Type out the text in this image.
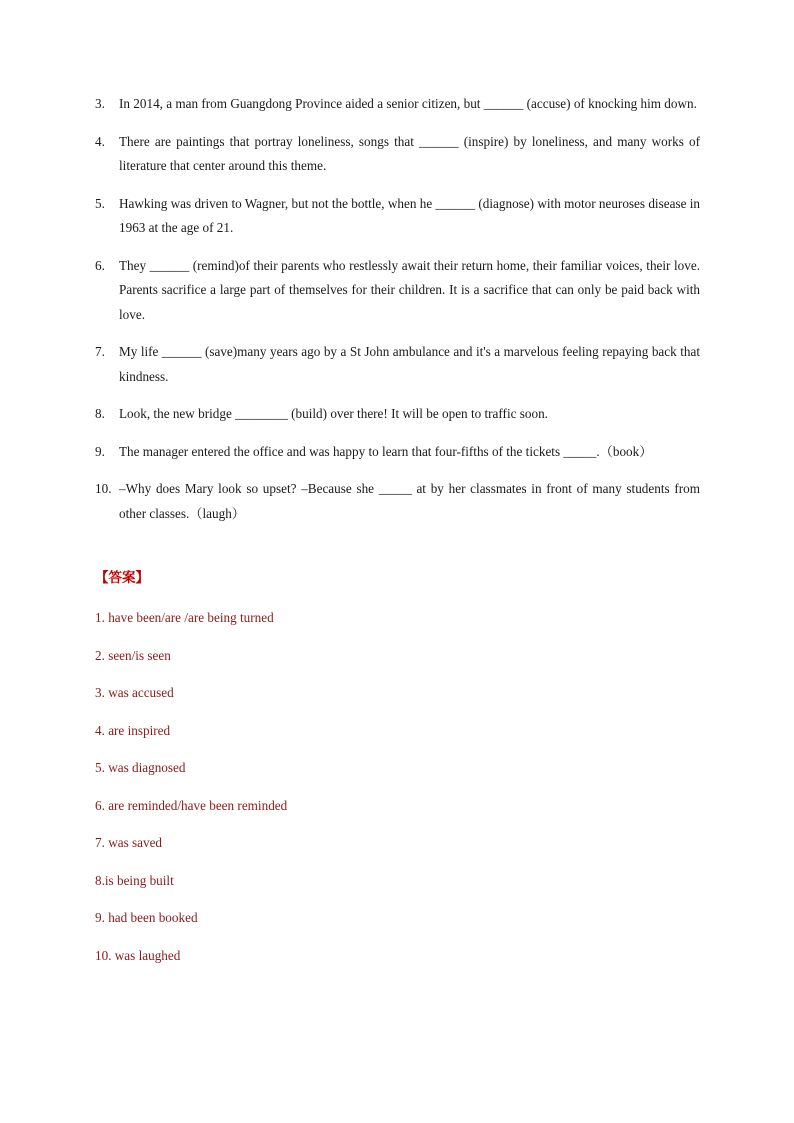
3.	In 2014, a man from Guangdong Province aided a senior citizen, but ______ (accuse) of knocking him down.
4.	There are paintings that portray loneliness, songs that ______ (inspire) by loneliness, and many works of literature that center around this theme.
5.	Hawking was driven to Wagner, but not the bottle, when he ______ (diagnose) with motor neuroses disease in 1963 at the age of 21.
6.	They ______ (remind)of their parents who restlessly await their return home, their familiar voices, their love. Parents sacrifice a large part of themselves for their children. It is a sacrifice that can only be paid back with love.
7.	My life ______ (save)many years ago by a St John ambulance and it's a marvelous feeling repaying back that kindness.
8.	Look, the new bridge ________ (build) over there! It will be open to traffic soon.
9.	The manager entered the office and was happy to learn that four-fifths of the tickets _____.（book）
10. –Why does Mary look so upset? –Because she _____ at by her classmates in front of many students from other classes.（laugh）
【答案】
1. have been/are /are being turned
2. seen/is seen
3. was accused
4. are inspired
5. was diagnosed
6. are reminded/have been reminded
7. was saved
8.is being built
9. had been booked
10. was laughed
